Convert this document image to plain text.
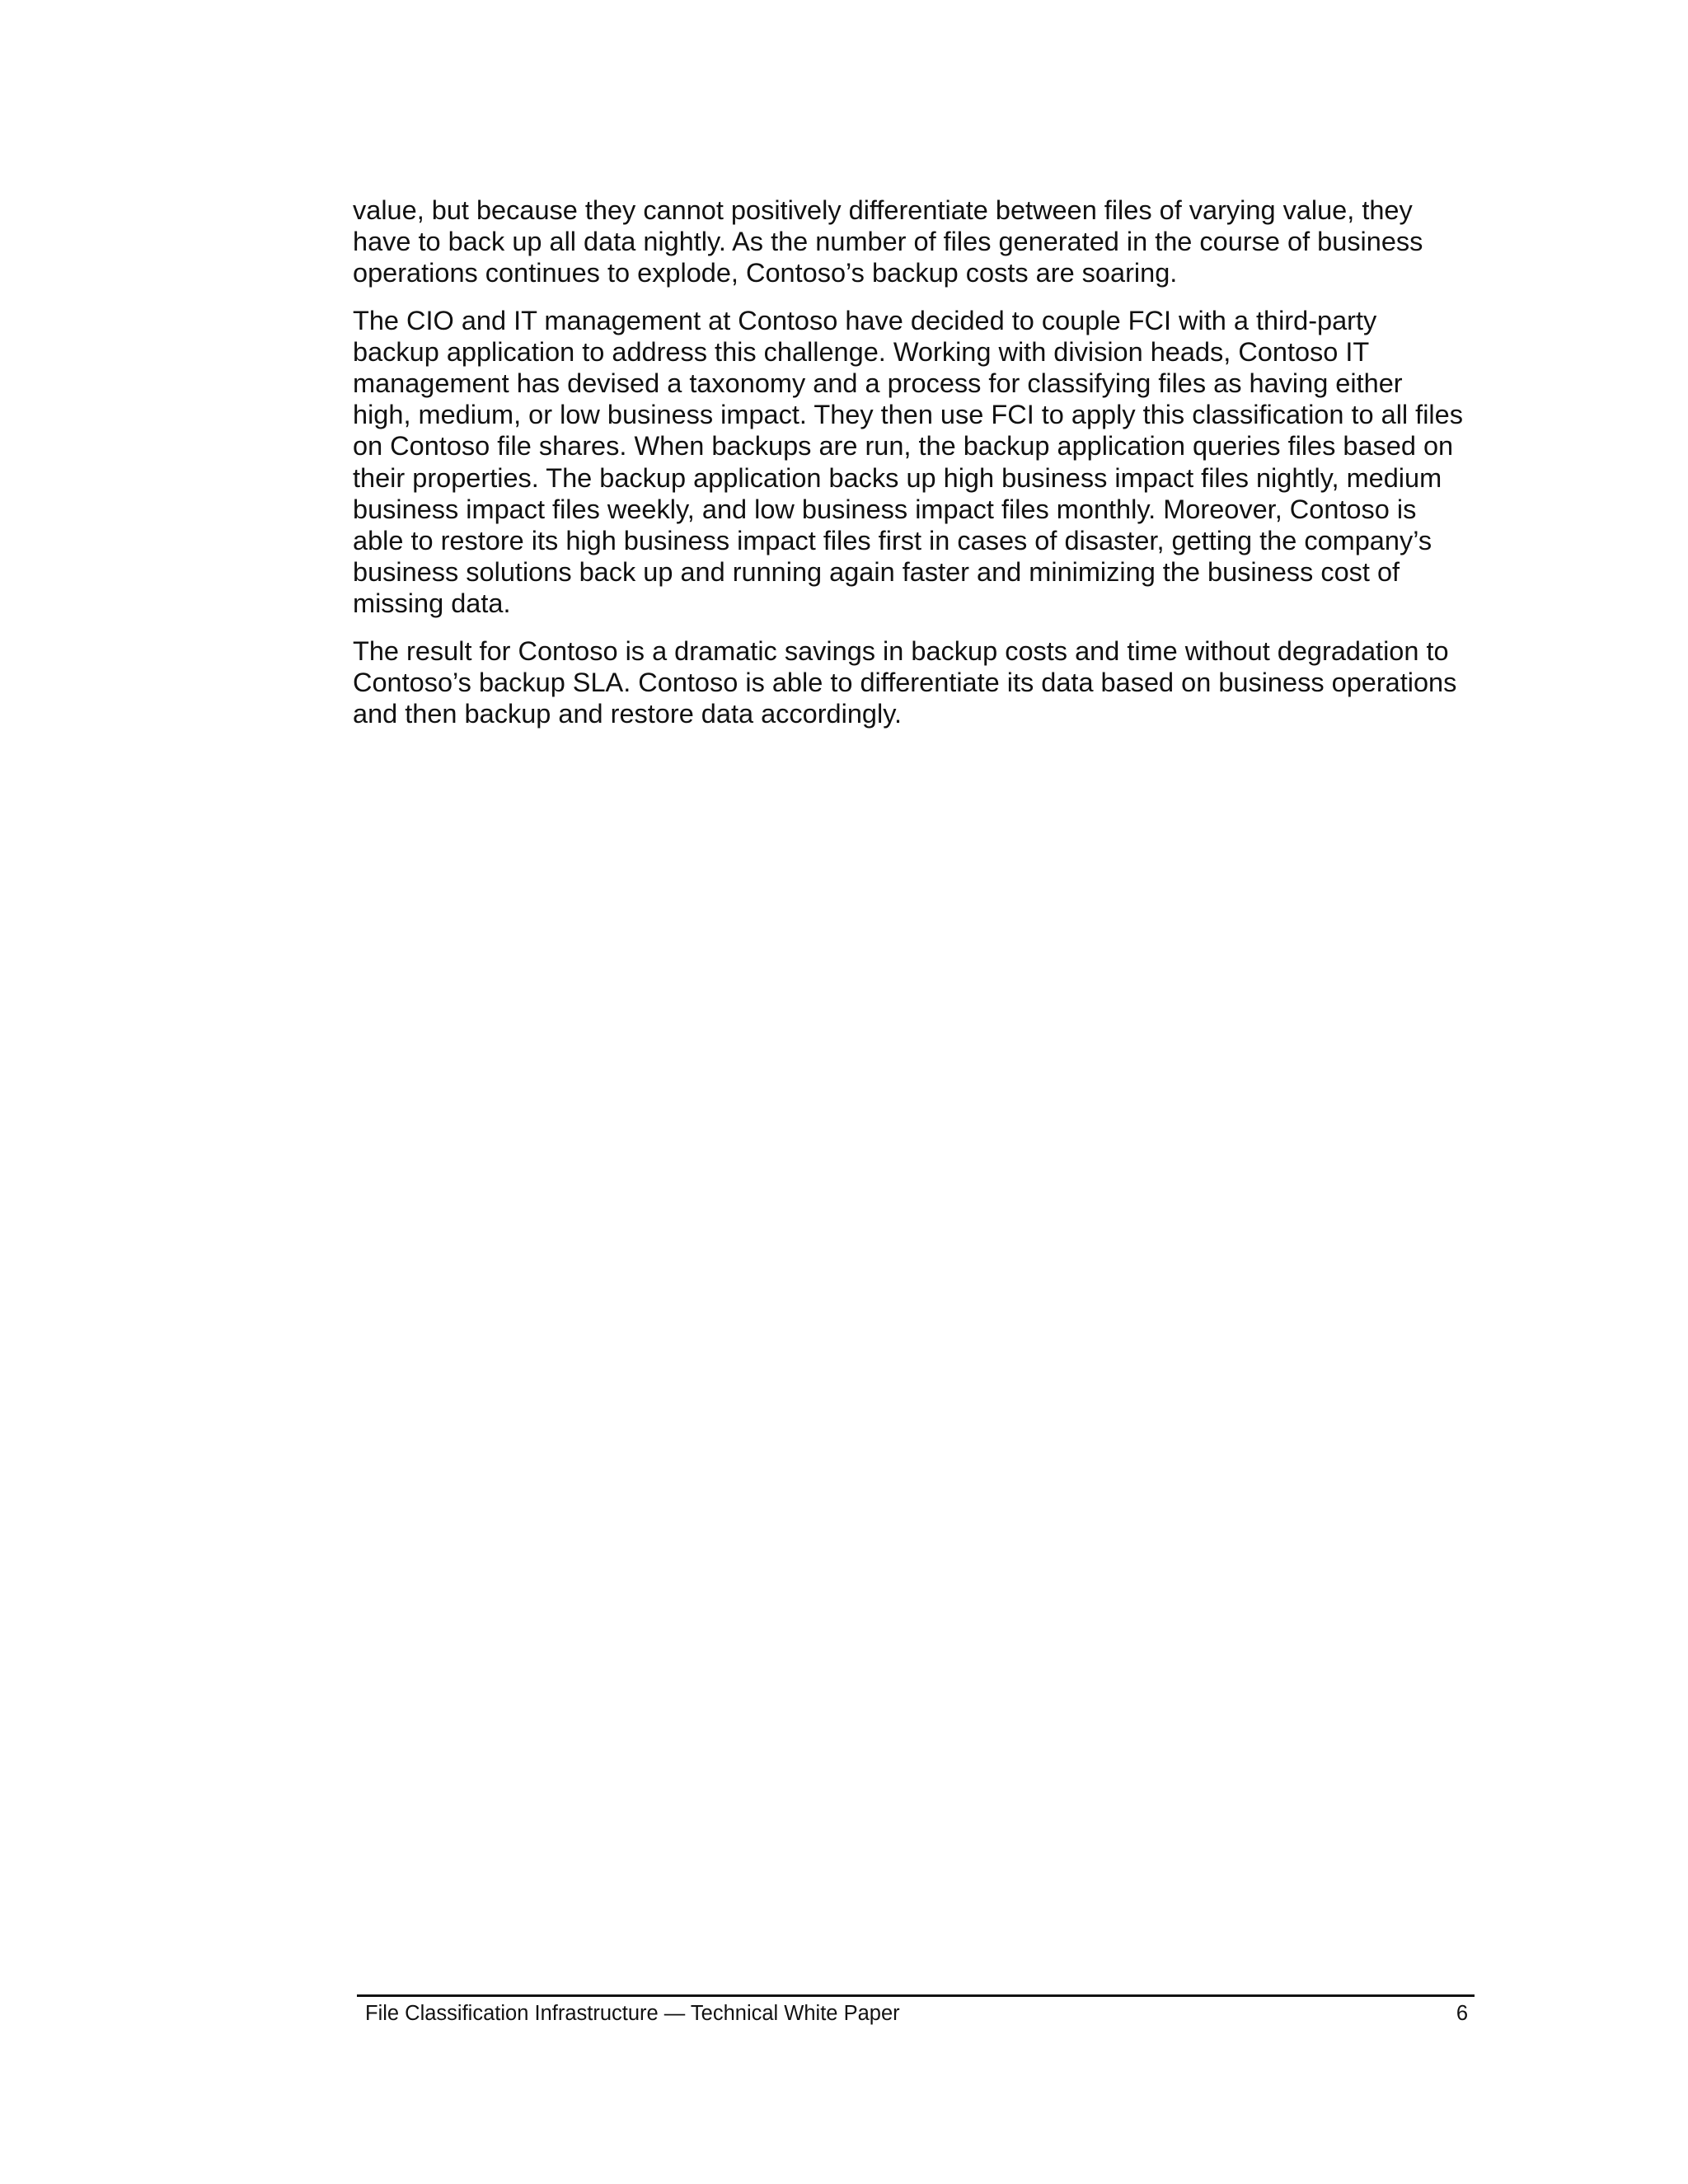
value, but because they cannot positively differentiate between files of varying value, they
have to back up all data nightly. As the number of files generated in the course of business
operations continues to explode, Contoso’s backup costs are soaring.

The CIO and IT management at Contoso have decided to couple FCI with a third-party
backup application to address this challenge. Working with division heads, Contoso IT
management has devised a taxonomy and a process for classifying files as having either
high, medium, or low business impact. They then use FCI to apply this classification to all files
on Contoso file shares. When backups are run, the backup application queries files based on
their properties. The backup application backs up high business impact files nightly, medium
business impact files weekly, and low business impact files monthly. Moreover, Contoso is
able to restore its high business impact files first in cases of disaster, getting the company’s
business solutions back up and running again faster and minimizing the business cost of
missing data.

The result for Contoso is a dramatic savings in backup costs and time without degradation to
Contoso’s backup SLA. Contoso is able to differentiate its data based on business operations
and then backup and restore data accordingly.

File Classification Infrastructure — Technical White Paper	6
